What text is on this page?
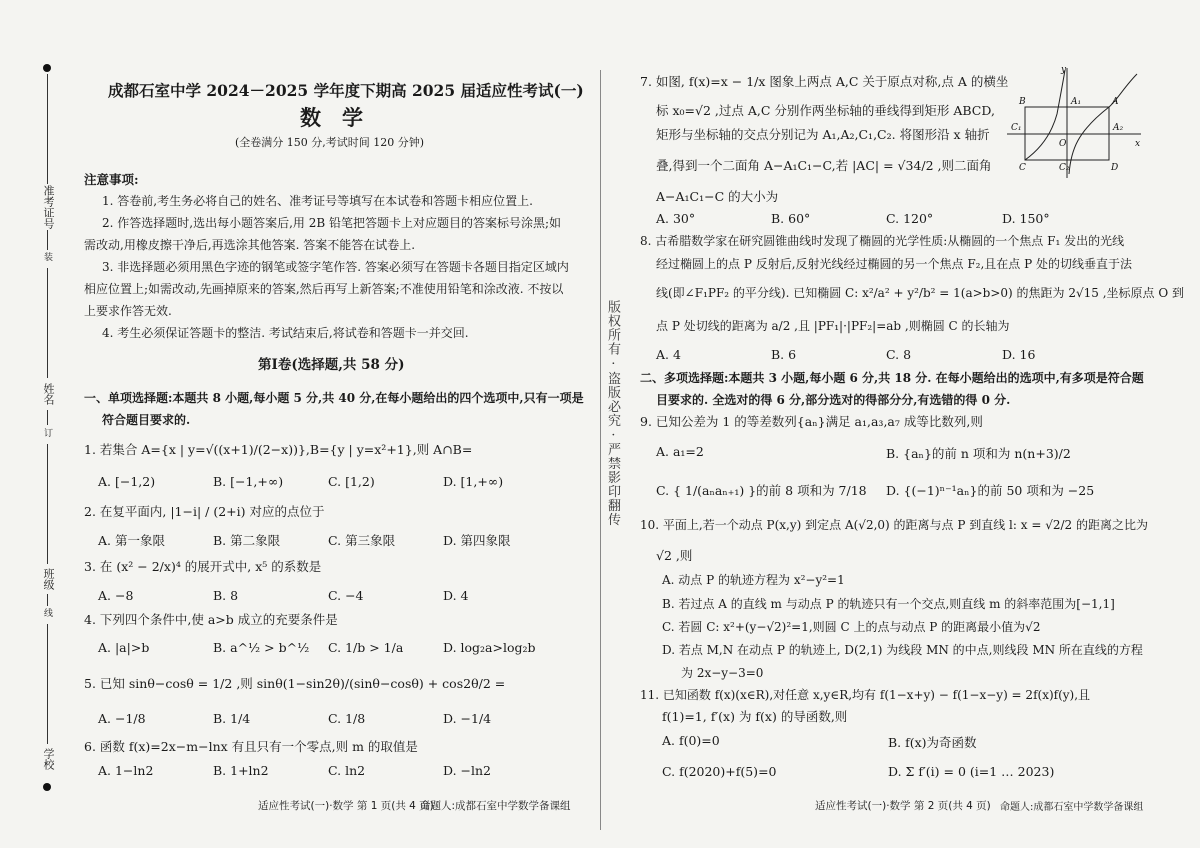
准考证号
装
姓名
订
班级
线
学校
成都石室中学 2024－2025 学年度下期高 2025 届适应性考试(一)
数　学
(全卷满分 150 分,考试时间 120 分钟)
注意事项:
1. 答卷前,考生务必将自己的姓名、准考证号等填写在本试卷和答题卡相应位置上.
2. 作答选择题时,选出每小题答案后,用 2B 铅笔把答题卡上对应题目的答案标号涂黑;如
需改动,用橡皮擦干净后,再选涂其他答案. 答案不能答在试卷上.
3. 非选择题必须用黑色字迹的钢笔或签字笔作答. 答案必须写在答题卡各题目指定区域内
相应位置上;如需改动,先画掉原来的答案,然后再写上新答案;不准使用铅笔和涂改液. 不按以
上要求作答无效.
4. 考生必须保证答题卡的整洁. 考试结束后,将试卷和答题卡一并交回.
第Ⅰ卷(选择题,共 58 分)
一、单项选择题:本题共 8 小题,每小题 5 分,共 40 分,在每小题给出的四个选项中,只有一项是
符合题目要求的.
1. 若集合 A={x | y=√((x+1)/(2−x))},B={y | y=x²+1},则 A∩B=
A. [−1,2)	B. [−1,+∞)	C. [1,2)	D. [1,+∞)
2. 在复平面内, |1−i| / (2+i) 对应的点位于
A. 第一象限	B. 第二象限	C. 第三象限	D. 第四象限
3. 在 (x² − 2/x)⁴ 的展开式中, x⁵ 的系数是
A. −8	B. 8	C. −4	D. 4
4. 下列四个条件中,使 a>b 成立的充要条件是
A. |a|>b	B. a^½ > b^½ C. 1/b > 1/a	D. log₂a>log₂b
5. 已知 sinθ−cosθ = 1/2 ,则 sinθ(1−sin2θ)/(sinθ−cosθ) + cos2θ/2 =
A. −1/8	B. 1/4	C. 1/8	D. −1/4
6. 函数 f(x)=2x−m−lnx 有且只有一个零点,则 m 的取值是
A. 1−ln2	B. 1+ln2	C. ln2	D. −ln2
适应性考试(一)·数学 第 1 页(共 4 页)
命题人:成都石室中学数学备课组
版权所有 · 盗版必究 · 严禁影印翻传
7. 如图, f(x)=x − 1/x 图象上两点 A,C 关于原点对称,点 A 的横坐
标 x₀=√2 ,过点 A,C 分别作两坐标轴的垂线得到矩形 ABCD,
矩形与坐标轴的交点分别记为 A₁,A₂,C₁,C₂. 将图形沿 x 轴折
叠,得到一个二面角 A−A₁C₁−C,若 |AC| = √34/2 ,则二面角
A−A₁C₁−C 的大小为
A. 30°	B. 60°	C. 120°	D. 150°
y
B	A₁	A
C₁
O
A₂
x
C	C₂	D
8. 古希腊数学家在研究圆锥曲线时发现了椭圆的光学性质:从椭圆的一个焦点 F₁ 发出的光线
经过椭圆上的点 P 反射后,反射光线经过椭圆的另一个焦点 F₂,且在点 P 处的切线垂直于法
线(即∠F₁PF₂ 的平分线). 已知椭圆 C: x²/a² + y²/b² = 1(a>b>0) 的焦距为 2√15 ,坐标原点 O 到
点 P 处切线的距离为 a/2 ,且 |PF₁|·|PF₂|=ab ,则椭圆 C 的长轴为
A. 4	B. 6	C. 8	D. 16
二、多项选择题:本题共 3 小题,每小题 6 分,共 18 分. 在每小题给出的选项中,有多项是符合题
目要求的. 全选对的得 6 分,部分选对的得部分分,有选错的得 0 分.
9. 已知公差为 1 的等差数列{aₙ}满足 a₁,a₃,a₇ 成等比数列,则
A. a₁=2	B. {aₙ}的前 n 项和为 n(n+3)/2
C. { 1/(aₙaₙ₊₁) }的前 8 项和为 7/18 D. {(−1)ⁿ⁻¹aₙ}的前 50 项和为 −25
10. 平面上,若一个动点 P(x,y) 到定点 A(√2,0) 的距离与点 P 到直线 l: x = √2/2 的距离之比为
√2 ,则
A. 动点 P 的轨迹方程为 x²−y²=1
B. 若过点 A 的直线 m 与动点 P 的轨迹只有一个交点,则直线 m 的斜率范围为[−1,1]
C. 若圆 C: x²+(y−√2)²=1,则圆 C 上的点与动点 P 的距离最小值为√2
D. 若点 M,N 在动点 P 的轨迹上, D(2,1) 为线段 MN 的中点,则线段 MN 所在直线的方程
为 2x−y−3=0
11. 已知函数 f(x)(x∈R),对任意 x,y∈R,均有 f(1−x+y) − f(1−x−y) = 2f(x)f(y),且
f(1)=1, f′(x) 为 f(x) 的导函数,则
A. f(0)=0	B. f(x)为奇函数
C. f(2020)+f(5)=0	D. Σ f′(i) = 0 (i=1 … 2023)
适应性考试(一)·数学 第 2 页(共 4 页) 命题人:成都石室中学数学备课组
